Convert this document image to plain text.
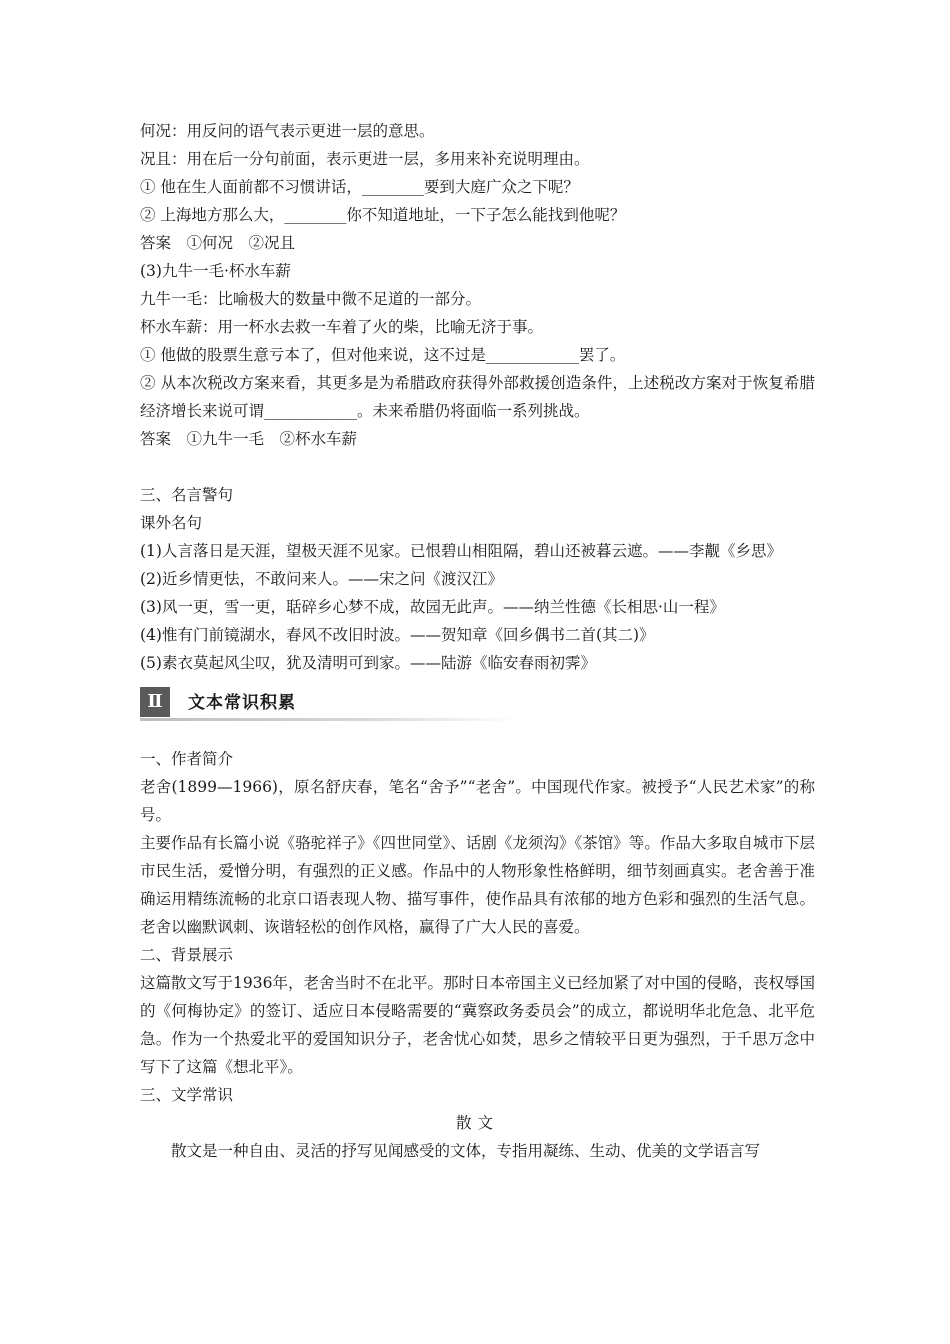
何况：用反问的语气表示更进一层的意思。
况且：用在后一分句前面，表示更进一层，多用来补充说明理由。
① 他在生人面前都不习惯讲话，________要到大庭广众之下呢？
② 上海地方那么大，________你不知道地址，一下子怎么能找到他呢？
答案　①何况　②况且
(3)九牛一毛·杯水车薪
九牛一毛：比喻极大的数量中微不足道的一部分。
杯水车薪：用一杯水去救一车着了火的柴，比喻无济于事。
① 他做的股票生意亏本了，但对他来说，这不过是____________罢了。
② 从本次税改方案来看，其更多是为希腊政府获得外部救援创造条件，上述税改方案对于恢复希腊经济增长来说可谓____________。未来希腊仍将面临一系列挑战。
答案　①九牛一毛　②杯水车薪
三、名言警句
课外名句
(1)人言落日是天涯，望极天涯不见家。已恨碧山相阻隔，碧山还被暮云遮。——李觏《乡思》
(2)近乡情更怯，不敢问来人。——宋之问《渡汉江》
(3)风一更，雪一更，聒碎乡心梦不成，故园无此声。——纳兰性德《长相思·山一程》
(4)惟有门前镜湖水，春风不改旧时波。——贺知章《回乡偶书二首(其二)》
(5)素衣莫起风尘叹，犹及清明可到家。——陆游《临安春雨初霁》
Ⅱ	文本常识积累
一、作者简介
老舍(1899—1966)，原名舒庆春，笔名“舍予”“老舍”。中国现代作家。被授予“人民艺术家”的称号。
主要作品有长篇小说《骆驼祥子》《四世同堂》、话剧《龙须沟》《茶馆》等。作品大多取自城市下层市民生活，爱憎分明，有强烈的正义感。作品中的人物形象性格鲜明，细节刻画真实。老舍善于准确运用精练流畅的北京口语表现人物、描写事件，使作品具有浓郁的地方色彩和强烈的生活气息。老舍以幽默讽刺、诙谐轻松的创作风格，赢得了广大人民的喜爱。
二、背景展示
这篇散文写于1936年，老舍当时不在北平。那时日本帝国主义已经加紧了对中国的侵略，丧权辱国的《何梅协定》的签订、适应日本侵略需要的“冀察政务委员会”的成立，都说明华北危急、北平危急。作为一个热爱北平的爱国知识分子，老舍忧心如焚，思乡之情较平日更为强烈，于千思万念中写下了这篇《想北平》。
三、文学常识
散文
散文是一种自由、灵活的抒写见闻感受的文体，专指用凝练、生动、优美的文学语言写
